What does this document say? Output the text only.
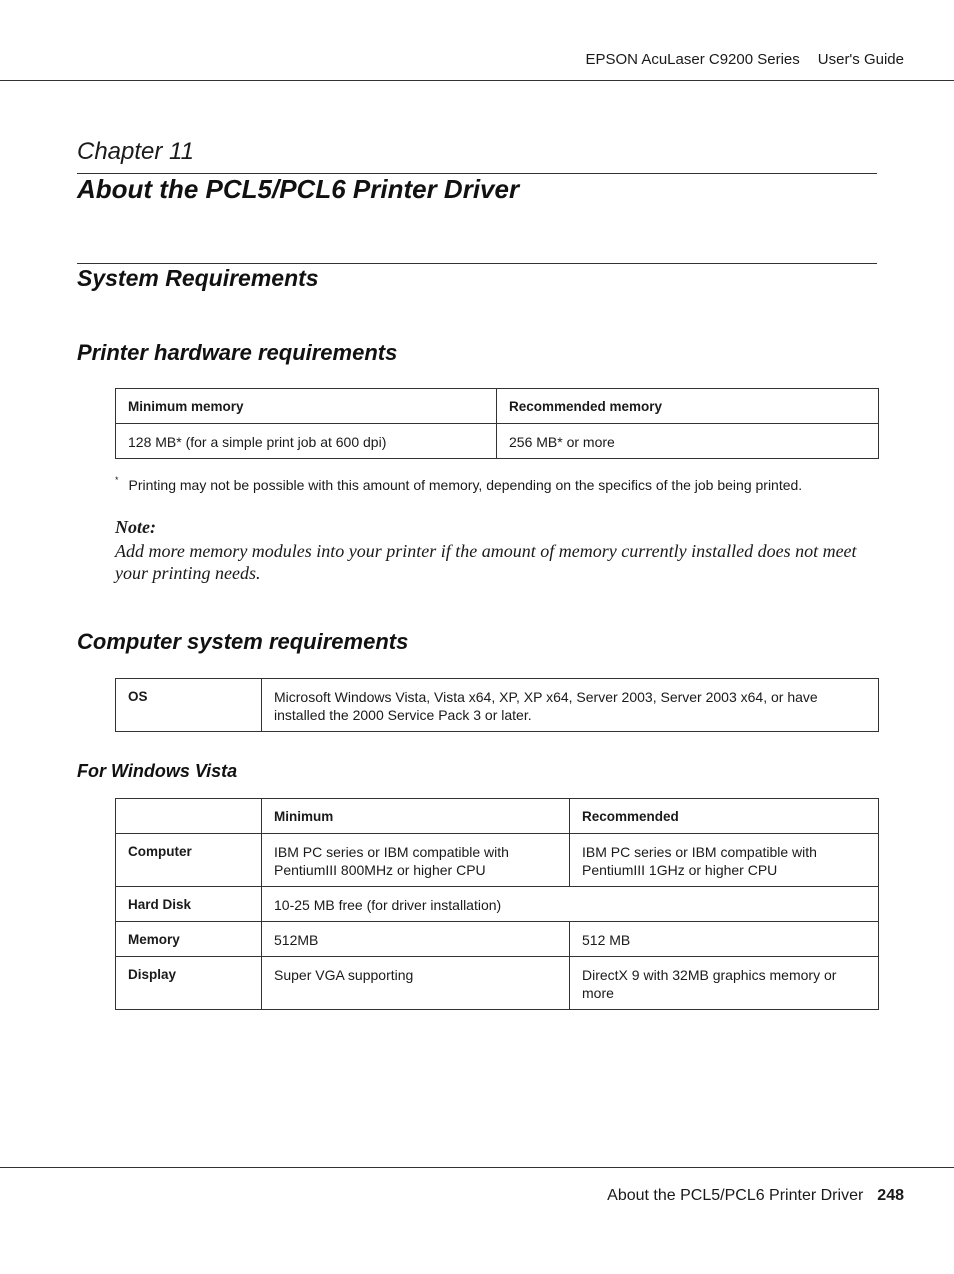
EPSON AcuLaser C9200 Series User's Guide
Chapter 11
About the PCL5/PCL6 Printer Driver
System Requirements
Printer hardware requirements
Minimum memory	Recommended memory
128 MB* (for a simple print job at 600 dpi)	256 MB* or more
* Printing may not be possible with this amount of memory, depending on the specifics of the job being printed.
Note:
Add more memory modules into your printer if the amount of memory currently installed does not meet your printing needs.
Computer system requirements
OS	Microsoft Windows Vista, Vista x64, XP, XP x64, Server 2003, Server 2003 x64, or have installed the 2000 Service Pack 3 or later.
For Windows Vista
	Minimum	Recommended
Computer	IBM PC series or IBM compatible with PentiumIII 800MHz or higher CPU	IBM PC series or IBM compatible with PentiumIII 1GHz or higher CPU
Hard Disk	10-25 MB free (for driver installation)	
Memory	512MB	512 MB
Display	Super VGA supporting	DirectX 9 with 32MB graphics memory or more
About the PCL5/PCL6 Printer Driver 248
